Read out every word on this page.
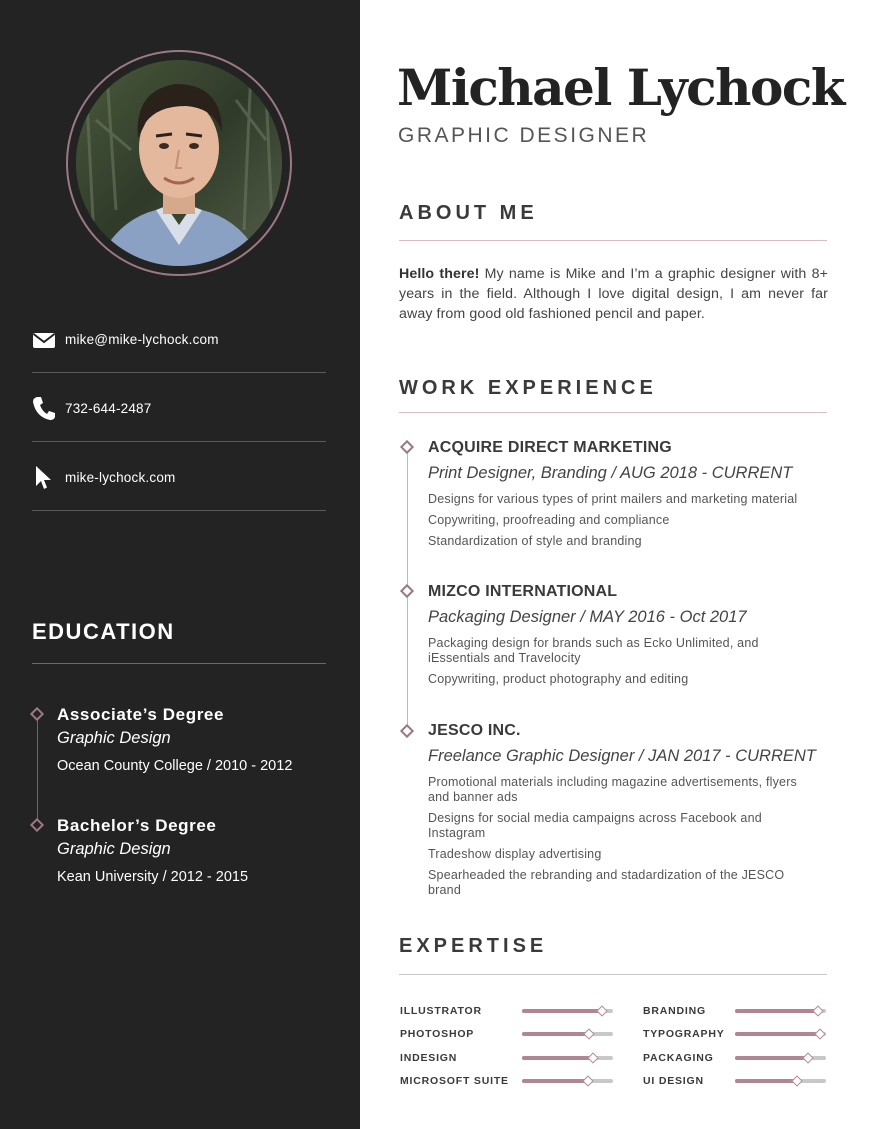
mike@mike-lychock.com
732-644-2487
mike-lychock.com
EDUCATION
Associate’s Degree
Graphic Design
Ocean County College / 2010 - 2012
Bachelor’s Degree
Graphic Design
Kean University / 2012 - 2015
Michael Lychock
GRAPHIC DESIGNER
ABOUT ME

Hello there! My name is Mike and I’m a graphic designer with 8+ years in the field. Although I love digital design, I am never far away from good old fashioned pencil and paper.

WORK EXPERIENCE
ACQUIRE DIRECT MARKETING
Print Designer, Branding / AUG 2018 - CURRENT
Designs for various types of print mailers and marketing material
Copywriting, proofreading and compliance
Standardization of style and branding
MIZCO INTERNATIONAL
Packaging Designer / MAY 2016 - Oct 2017
Packaging design for brands such as Ecko Unlimited, and iEssentials and Travelocity
Copywriting, product photography and editing
JESCO INC.
Freelance Graphic Designer / JAN 2017 - CURRENT
Promotional materials including magazine advertisements, flyers and banner ads
Designs for social media campaigns across Facebook and Instagram
Tradeshow display advertising
Spearheaded the rebranding and stadardization of the JESCO brand
EXPERTISE
ILLUSTRATOR
PHOTOSHOP
INDESIGN
MICROSOFT SUITE
BRANDING
TYPOGRAPHY
PACKAGING
UI DESIGN
